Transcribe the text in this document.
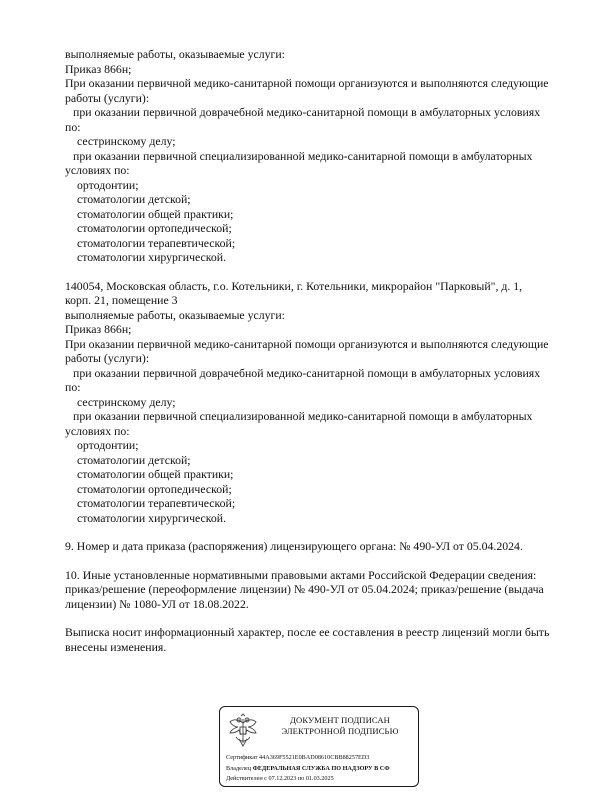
выполняемые работы, оказываемые услуги:

Приказ 866н;

При оказании первичной медико-санитарной помощи организуются и выполняются следующие

работы (услуги):

при оказании первичной доврачебной медико-санитарной помощи в амбулаторных условиях

по:

сестринскому делу;

при оказании первичной специализированной медико-санитарной помощи в амбулаторных

условиях по:

ортодонтии;

стоматологии детской;

стоматологии общей практики;

стоматологии ортопедической;

стоматологии терапевтической;

стоматологии хирургической.

140054, Московская область, г.о. Котельники, г. Котельники, микрорайон "Парковый", д. 1,

корп. 21, помещение 3

выполняемые работы, оказываемые услуги:

Приказ 866н;

При оказании первичной медико-санитарной помощи организуются и выполняются следующие

работы (услуги):

при оказании первичной доврачебной медико-санитарной помощи в амбулаторных условиях

по:

сестринскому делу;

при оказании первичной специализированной медико-санитарной помощи в амбулаторных

условиях по:

ортодонтии;

стоматологии детской;

стоматологии общей практики;

стоматологии ортопедической;

стоматологии терапевтической;

стоматологии хирургической.

9. Номер и дата приказа (распоряжения) лицензирующего органа: № 490-УЛ от 05.04.2024.

10. Иные установленные нормативными правовыми актами Российской Федерации сведения:

приказ/решение (переоформление лицензии) № 490-УЛ от 05.04.2024; приказ/решение (выдача

лицензии) № 1080-УЛ от 18.08.2022.

Выписка носит информационный характер, после ее составления в реестр лицензий могли быть

внесены изменения.

ДОКУМЕНТ ПОДПИСАН
ЭЛЕКТРОННОЙ ПОДПИСЬЮ
Сертификат 44A369F5521E0BAD08610CBB88257ED3
Владелец ФЕДЕРАЛЬНАЯ СЛУЖБА ПО НАДЗОРУ В СФ
Действителен с 07.12.2023 по 01.03.2025
